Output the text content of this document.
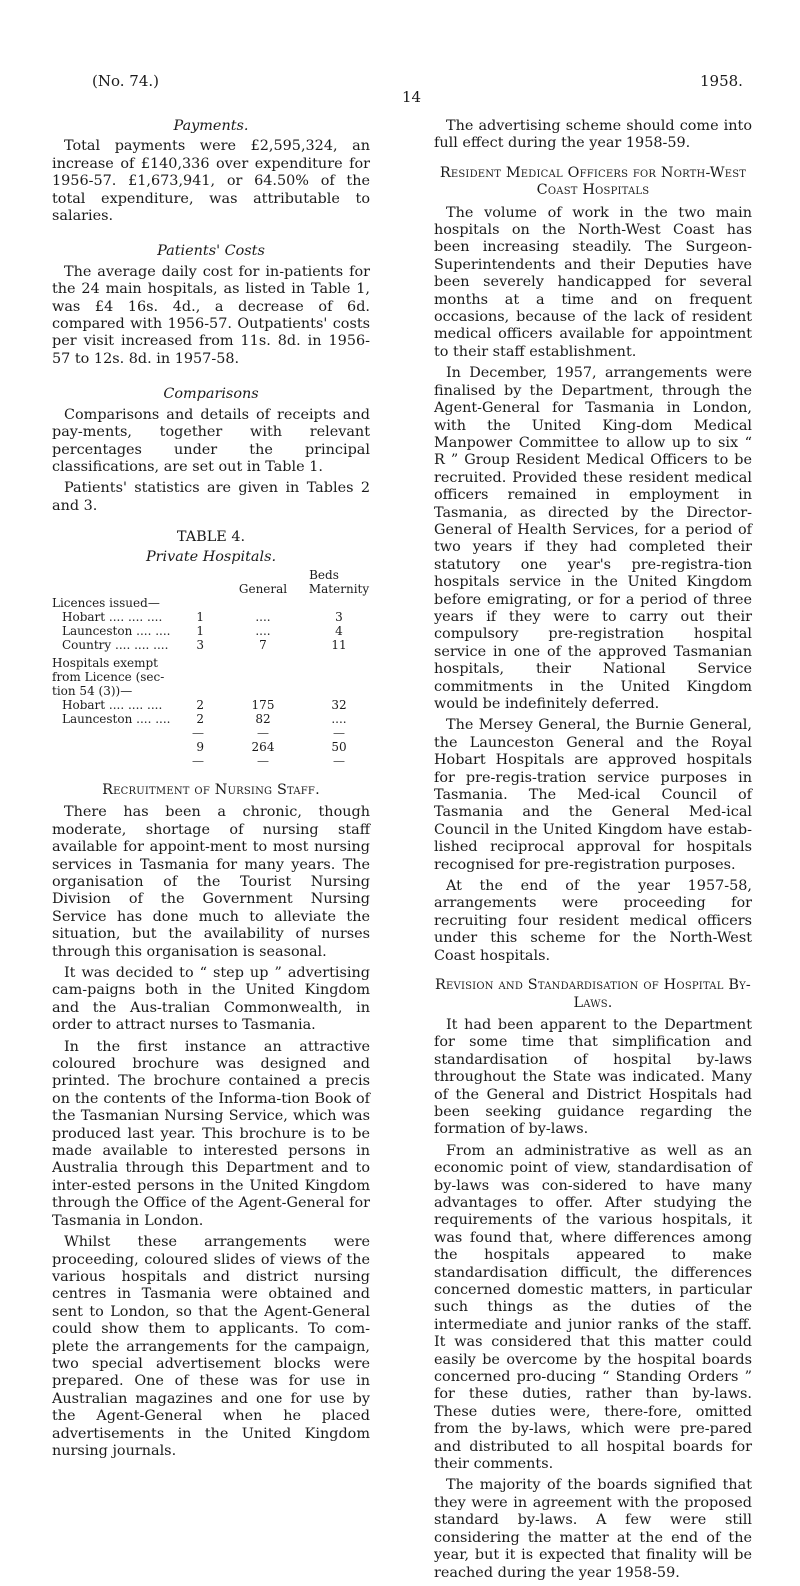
(No. 74.)	1958.
14
Payments.

Total payments were £2,595,324, an increase of £140,336 over expenditure for 1956-57. £1,673,941, or 64.50% of the total expenditure, was attributable to salaries.

Patients' Costs

The average daily cost for in-patients for the 24 main hospitals, as listed in Table 1, was £4 16s. 4d., a decrease of 6d. compared with 1956-57. Outpatients' costs per visit increased from 11s. 8d. in 1956-57 to 12s. 8d. in 1957-58.

Comparisons

Comparisons and details of receipts and pay-ments, together with relevant percentages under the principal classifications, are set out in Table 1.

Patients' statistics are given in Tables 2 and 3.

TABLE 4.
Private Hospitals.
		Beds	
		General	Maternity
Licences issued—			
Hobart .... .... ....	1	....	3
Launceston .... ....	1	....	4
Country .... .... ....	3	7	11
Hospitals exempt from Licence (sec-tion 54 (3))—			
Hobart .... .... ....	2	175	32
Launceston .... ....	2	82	....
	—	—	—
	9	264	50
	—	—	—
Recruitment of Nursing Staff.

There has been a chronic, though moderate, shortage of nursing staff available for appoint-ment to most nursing services in Tasmania for many years. The organisation of the Tourist Nursing Division of the Government Nursing Service has done much to alleviate the situation, but the availability of nurses through this organisation is seasonal.

It was decided to “ step up ” advertising cam-paigns both in the United Kingdom and the Aus-tralian Commonwealth, in order to attract nurses to Tasmania.

In the first instance an attractive coloured brochure was designed and printed. The brochure contained a precis on the contents of the Informa-tion Book of the Tasmanian Nursing Service, which was produced last year. This brochure is to be made available to interested persons in Australia through this Department and to inter-ested persons in the United Kingdom through the Office of the Agent-General for Tasmania in London.

Whilst these arrangements were proceeding, coloured slides of views of the various hospitals and district nursing centres in Tasmania were obtained and sent to London, so that the Agent-General could show them to applicants. To com-plete the arrangements for the campaign, two special advertisement blocks were prepared. One of these was for use in Australian magazines and one for use by the Agent-General when he placed advertisements in the United Kingdom nursing journals.

The advertising scheme should come into full effect during the year 1958-59.

Resident Medical Officers for North-West Coast Hospitals

The volume of work in the two main hospitals on the North-West Coast has been increasing steadily. The Surgeon-Superintendents and their Deputies have been severely handicapped for several months at a time and on frequent occasions, because of the lack of resident medical officers available for appointment to their staff establishment.

In December, 1957, arrangements were finalised by the Department, through the Agent-General for Tasmania in London, with the United King-dom Medical Manpower Committee to allow up to six “ R ” Group Resident Medical Officers to be recruited. Provided these resident medical officers remained in employment in Tasmania, as directed by the Director-General of Health Services, for a period of two years if they had completed their statutory one year's pre-registra-tion hospitals service in the United Kingdom before emigrating, or for a period of three years if they were to carry out their compulsory pre-registration hospital service in one of the approved Tasmanian hospitals, their National Service commitments in the United Kingdom would be indefinitely deferred.

The Mersey General, the Burnie General, the Launceston General and the Royal Hobart Hospitals are approved hospitals for pre-regis-tration service purposes in Tasmania. The Med-ical Council of Tasmania and the General Med-ical Council in the United Kingdom have estab-lished reciprocal approval for hospitals recognised for pre-registration purposes.

At the end of the year 1957-58, arrangements were proceeding for recruiting four resident medical officers under this scheme for the North-West Coast hospitals.

Revision and Standardisation of Hospital By-Laws.

It had been apparent to the Department for some time that simplification and standardisation of hospital by-laws throughout the State was indicated. Many of the General and District Hospitals had been seeking guidance regarding the formation of by-laws.

From an administrative as well as an economic point of view, standardisation of by-laws was con-sidered to have many advantages to offer. After studying the requirements of the various hospitals, it was found that, where differences among the hospitals appeared to make standardisation difficult, the differences concerned domestic matters, in particular such things as the duties of the intermediate and junior ranks of the staff. It was considered that this matter could easily be overcome by the hospital boards concerned pro-ducing “ Standing Orders ” for these duties, rather than by-laws. These duties were, there-fore, omitted from the by-laws, which were pre-pared and distributed to all hospital boards for their comments.

The majority of the boards signified that they were in agreement with the proposed standard by-laws. A few were still considering the matter at the end of the year, but it is expected that finality will be reached during the year 1958-59.
